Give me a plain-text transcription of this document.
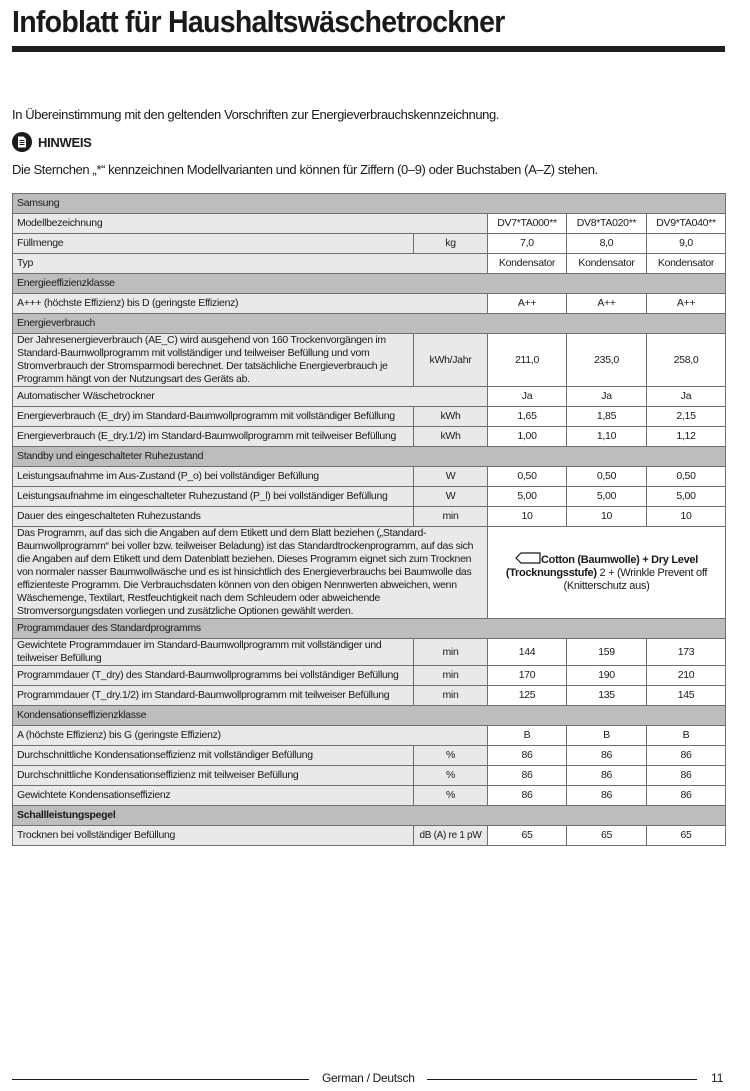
Infoblatt für Haushaltswäschetrockner
In Übereinstimmung mit den geltenden Vorschriften zur Energieverbrauchskennzeichnung.
HINWEIS
Die Sternchen „*“ kennzeichnen Modellvarianten und können für Ziffern (0–9) oder Buchstaben (A–Z) stehen.
Samsung				
Modellbezeichnung		DV7*TA000**	DV8*TA020**	DV9*TA040**
Füllmenge	kg	7,0	8,0	9,0
Typ		Kondensator	Kondensator	Kondensator
Energieeffizienzklasse				
A+++ (höchste Effizienz) bis D (geringste Effizienz)		A++	A++	A++
Energieverbrauch				
Der Jahresenergieverbrauch (AE_C) wird ausgehend von 160 Trockenvorgängen im Standard-Baumwollprogramm mit vollständiger und teilweiser Befüllung und vom Stromverbrauch der Stromsparmodi berechnet. Der tatsächliche Energieverbrauch je Programm hängt von der Nutzungsart des Geräts ab.	kWh/Jahr	211,0	235,0	258,0
Automatischer Wäschetrockner		Ja	Ja	Ja
Energieverbrauch (E_dry) im Standard-Baumwollprogramm mit vollständiger Befüllung	kWh	1,65	1,85	2,15
Energieverbrauch (E_dry.1/2) im Standard-Baumwollprogramm mit teilweiser Befüllung	kWh	1,00	1,10	1,12
Standby und eingeschalteter Ruhezustand				
Leistungsaufnahme im Aus-Zustand (P_o) bei vollständiger Befüllung	W	0,50	0,50	0,50
Leistungsaufnahme im eingeschalteter Ruhezustand (P_l) bei vollständiger Befüllung	W	5,00	5,00	5,00
Dauer des eingeschalteten Ruhezustands	min	10	10	10
Das Programm, auf das sich die Angaben auf dem Etikett und dem Blatt beziehen („Standard-Baumwollprogramm“ bei voller bzw. teilweiser Beladung) ist das Standardtrockenprogramm, auf das sich die Angaben auf dem Etikett und dem Datenblatt beziehen. Dieses Programm eignet sich zum Trocknen von normaler nasser Baumwollwäsche und es ist hinsichtlich des Energieverbrauchs bei Baumwolle das effizienteste Programm. Die Verbrauchsdaten können von den obigen Nennwerten abweichen, wenn Wäschemenge, Textilart, Restfeuchtigkeit nach dem Schleudern oder abweichende Stromversorgungsdaten vorliegen und zusätzliche Optionen gewählt werden.	Cotton (Baumwolle) + Dry Level
(Trocknungsstufe) 2 + (Wrinkle Prevent off
(Knitterschutz aus)
Programmdauer des Standardprogramms				
Gewichtete Programmdauer im Standard-Baumwollprogramm mit vollständiger und teilweiser Befüllung	min	144	159	173
Programmdauer (T_dry) des Standard-Baumwollprogramms bei vollständiger Befüllung	min	170	190	210
Programmdauer (T_dry.1/2) im Standard-Baumwollprogramm mit teilweiser Befüllung	min	125	135	145
Kondensationseffizienzklasse				
A (höchste Effizienz) bis G (geringste Effizienz)		B	B	B
Durchschnittliche Kondensationseffizienz mit vollständiger Befüllung	%	86	86	86
Durchschnittliche Kondensationseffizienz mit teilweiser Befüllung	%	86	86	86
Gewichtete Kondensationseffizienz	%	86	86	86
Schallleistungspegel				
Trocknen bei vollständiger Befüllung	dB (A) re 1 pW	65	65	65
German / Deutsch	11
